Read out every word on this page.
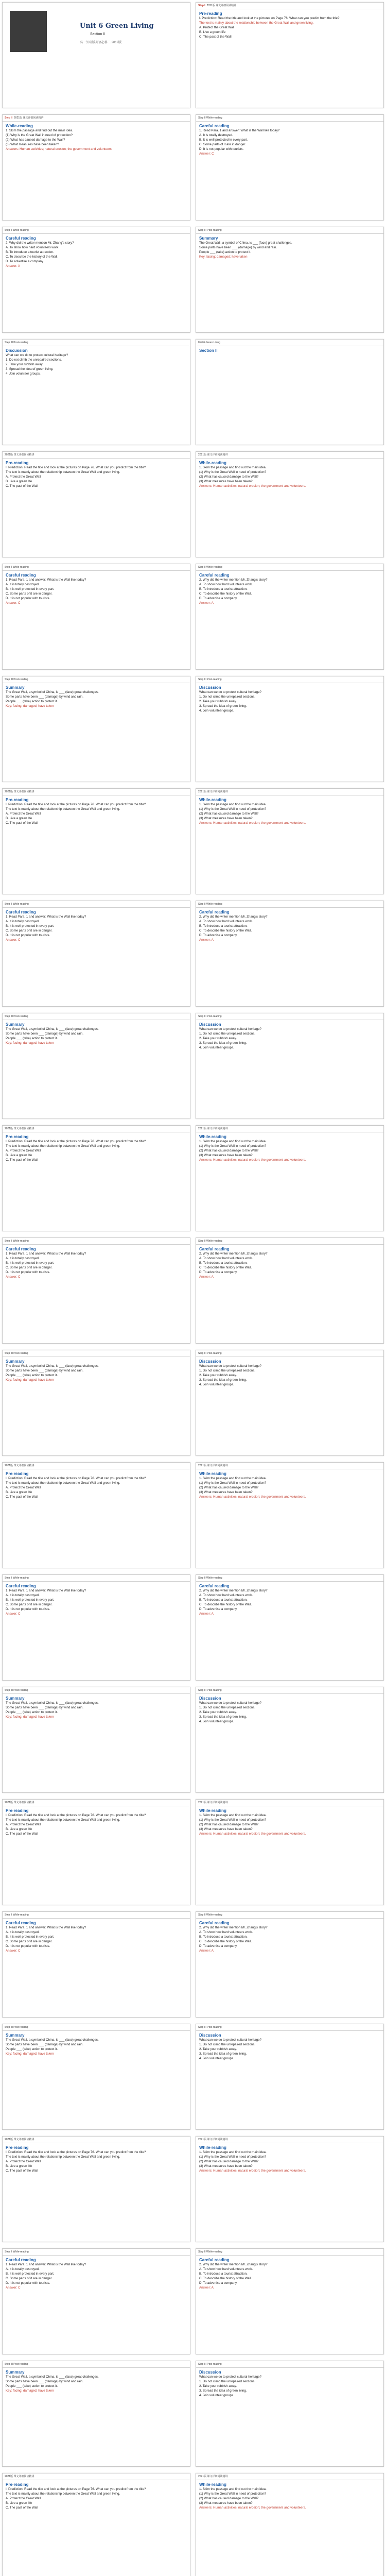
Unit 6 Green Living
Section II
高一外研版英语必修二 2019版
Step I 2021版 课文详细阅读精讲

Pre-reading

I. Prediction: Read the title and look at the pictures on Page 76. What can you predict from the title?

The text is mainly about the relationship between the Great Wall and green living.

A. Protect the Great Wall

B. Live a green life

C. The past of the Wall

Step II 2021版 课文详细阅读精讲

While-reading

1. Skim the passage and find out the main idea.

(1) Why is the Great Wall in need of protection?

(2) What has caused damage to the Wall?

(3) What measures have been taken?

Answers: Human activities; natural erosion; the government and volunteers.

Step II While-reading

Careful reading

1. Read Para. 1 and answer: What is the Wall like today?

A. It is totally destroyed.

B. It is well protected in every part.

C. Some parts of it are in danger.

D. It is not popular with tourists.

Answer: C

Step II While-reading

Careful reading

2. Why did the writer mention Mr. Zhang's story?

A. To show how hard volunteers work.

B. To introduce a tourist attraction.

C. To describe the history of the Wall.

D. To advertise a company.

Answer: A

Step III Post-reading

Summary

The Great Wall, a symbol of China, is ___ (face) great challenges.

Some parts have been ___ (damage) by wind and rain.

People ___ (take) action to protect it.

Key: facing; damaged; have taken

Step III Post-reading

Discussion

What can we do to protect cultural heritage?

1. Do not climb the unrepaired sections.

2. Take your rubbish away.

3. Spread the idea of green living.

4. Join volunteer groups.

Unit 6 Green Living

Section II

2021版 课文详细阅读精讲

Pre-reading

I. Prediction: Read the title and look at the pictures on Page 76. What can you predict from the title?

The text is mainly about the relationship between the Great Wall and green living.

A. Protect the Great Wall

B. Live a green life

C. The past of the Wall

2021版 课文详细阅读精讲

While-reading

1. Skim the passage and find out the main idea.

(1) Why is the Great Wall in need of protection?

(2) What has caused damage to the Wall?

(3) What measures have been taken?

Answers: Human activities; natural erosion; the government and volunteers.

Step II While-reading

Careful reading

1. Read Para. 1 and answer: What is the Wall like today?

A. It is totally destroyed.

B. It is well protected in every part.

C. Some parts of it are in danger.

D. It is not popular with tourists.

Answer: C

Step II While-reading

Careful reading

2. Why did the writer mention Mr. Zhang's story?

A. To show how hard volunteers work.

B. To introduce a tourist attraction.

C. To describe the history of the Wall.

D. To advertise a company.

Answer: A

Step III Post-reading

Summary

The Great Wall, a symbol of China, is ___ (face) great challenges.

Some parts have been ___ (damage) by wind and rain.

People ___ (take) action to protect it.

Key: facing; damaged; have taken

Step III Post-reading

Discussion

What can we do to protect cultural heritage?

1. Do not climb the unrepaired sections.

2. Take your rubbish away.

3. Spread the idea of green living.

4. Join volunteer groups.

2021版 课文详细阅读精讲

Pre-reading

I. Prediction: Read the title and look at the pictures on Page 76. What can you predict from the title?

The text is mainly about the relationship between the Great Wall and green living.

A. Protect the Great Wall

B. Live a green life

C. The past of the Wall

2021版 课文详细阅读精讲

While-reading

1. Skim the passage and find out the main idea.

(1) Why is the Great Wall in need of protection?

(2) What has caused damage to the Wall?

(3) What measures have been taken?

Answers: Human activities; natural erosion; the government and volunteers.

Step II While-reading

Careful reading

1. Read Para. 1 and answer: What is the Wall like today?

A. It is totally destroyed.

B. It is well protected in every part.

C. Some parts of it are in danger.

D. It is not popular with tourists.

Answer: C

Step II While-reading

Careful reading

2. Why did the writer mention Mr. Zhang's story?

A. To show how hard volunteers work.

B. To introduce a tourist attraction.

C. To describe the history of the Wall.

D. To advertise a company.

Answer: A

Step III Post-reading

Summary

The Great Wall, a symbol of China, is ___ (face) great challenges.

Some parts have been ___ (damage) by wind and rain.

People ___ (take) action to protect it.

Key: facing; damaged; have taken

Step III Post-reading

Discussion

What can we do to protect cultural heritage?

1. Do not climb the unrepaired sections.

2. Take your rubbish away.

3. Spread the idea of green living.

4. Join volunteer groups.

2021版 课文详细阅读精讲

Pre-reading

I. Prediction: Read the title and look at the pictures on Page 76. What can you predict from the title?

The text is mainly about the relationship between the Great Wall and green living.

A. Protect the Great Wall

B. Live a green life

C. The past of the Wall

2021版 课文详细阅读精讲

While-reading

1. Skim the passage and find out the main idea.

(1) Why is the Great Wall in need of protection?

(2) What has caused damage to the Wall?

(3) What measures have been taken?

Answers: Human activities; natural erosion; the government and volunteers.

Step II While-reading

Careful reading

1. Read Para. 1 and answer: What is the Wall like today?

A. It is totally destroyed.

B. It is well protected in every part.

C. Some parts of it are in danger.

D. It is not popular with tourists.

Answer: C

Step II While-reading

Careful reading

2. Why did the writer mention Mr. Zhang's story?

A. To show how hard volunteers work.

B. To introduce a tourist attraction.

C. To describe the history of the Wall.

D. To advertise a company.

Answer: A

Step III Post-reading

Summary

The Great Wall, a symbol of China, is ___ (face) great challenges.

Some parts have been ___ (damage) by wind and rain.

People ___ (take) action to protect it.

Key: facing; damaged; have taken

Step III Post-reading

Discussion

What can we do to protect cultural heritage?

1. Do not climb the unrepaired sections.

2. Take your rubbish away.

3. Spread the idea of green living.

4. Join volunteer groups.

2021版 课文详细阅读精讲

Pre-reading

I. Prediction: Read the title and look at the pictures on Page 76. What can you predict from the title?

The text is mainly about the relationship between the Great Wall and green living.

A. Protect the Great Wall

B. Live a green life

C. The past of the Wall

2021版 课文详细阅读精讲

While-reading

1. Skim the passage and find out the main idea.

(1) Why is the Great Wall in need of protection?

(2) What has caused damage to the Wall?

(3) What measures have been taken?

Answers: Human activities; natural erosion; the government and volunteers.

Step II While-reading

Careful reading

1. Read Para. 1 and answer: What is the Wall like today?

A. It is totally destroyed.

B. It is well protected in every part.

C. Some parts of it are in danger.

D. It is not popular with tourists.

Answer: C

Step II While-reading

Careful reading

2. Why did the writer mention Mr. Zhang's story?

A. To show how hard volunteers work.

B. To introduce a tourist attraction.

C. To describe the history of the Wall.

D. To advertise a company.

Answer: A

Step III Post-reading

Summary

The Great Wall, a symbol of China, is ___ (face) great challenges.

Some parts have been ___ (damage) by wind and rain.

People ___ (take) action to protect it.

Key: facing; damaged; have taken

Step III Post-reading

Discussion

What can we do to protect cultural heritage?

1. Do not climb the unrepaired sections.

2. Take your rubbish away.

3. Spread the idea of green living.

4. Join volunteer groups.

2021版 课文详细阅读精讲

Pre-reading

I. Prediction: Read the title and look at the pictures on Page 76. What can you predict from the title?

The text is mainly about the relationship between the Great Wall and green living.

A. Protect the Great Wall

B. Live a green life

C. The past of the Wall

2021版 课文详细阅读精讲

While-reading

1. Skim the passage and find out the main idea.

(1) Why is the Great Wall in need of protection?

(2) What has caused damage to the Wall?

(3) What measures have been taken?

Answers: Human activities; natural erosion; the government and volunteers.

Step II While-reading

Careful reading

1. Read Para. 1 and answer: What is the Wall like today?

A. It is totally destroyed.

B. It is well protected in every part.

C. Some parts of it are in danger.

D. It is not popular with tourists.

Answer: C

Step II While-reading

Careful reading

2. Why did the writer mention Mr. Zhang's story?

A. To show how hard volunteers work.

B. To introduce a tourist attraction.

C. To describe the history of the Wall.

D. To advertise a company.

Answer: A

Step III Post-reading

Summary

The Great Wall, a symbol of China, is ___ (face) great challenges.

Some parts have been ___ (damage) by wind and rain.

People ___ (take) action to protect it.

Key: facing; damaged; have taken

Step III Post-reading

Discussion

What can we do to protect cultural heritage?

1. Do not climb the unrepaired sections.

2. Take your rubbish away.

3. Spread the idea of green living.

4. Join volunteer groups.

2021版 课文详细阅读精讲

Pre-reading

I. Prediction: Read the title and look at the pictures on Page 76. What can you predict from the title?

The text is mainly about the relationship between the Great Wall and green living.

A. Protect the Great Wall

B. Live a green life

C. The past of the Wall

2021版 课文详细阅读精讲

While-reading

1. Skim the passage and find out the main idea.

(1) Why is the Great Wall in need of protection?

(2) What has caused damage to the Wall?

(3) What measures have been taken?

Answers: Human activities; natural erosion; the government and volunteers.

Step II While-reading

Careful reading

1. Read Para. 1 and answer: What is the Wall like today?

A. It is totally destroyed.

B. It is well protected in every part.

C. Some parts of it are in danger.

D. It is not popular with tourists.

Answer: C

Step II While-reading

Careful reading

2. Why did the writer mention Mr. Zhang's story?

A. To show how hard volunteers work.

B. To introduce a tourist attraction.

C. To describe the history of the Wall.

D. To advertise a company.

Answer: A

Step III Post-reading

Summary

The Great Wall, a symbol of China, is ___ (face) great challenges.

Some parts have been ___ (damage) by wind and rain.

People ___ (take) action to protect it.

Key: facing; damaged; have taken

Step III Post-reading

Discussion

What can we do to protect cultural heritage?

1. Do not climb the unrepaired sections.

2. Take your rubbish away.

3. Spread the idea of green living.

4. Join volunteer groups.

2021版 课文详细阅读精讲

Pre-reading

I. Prediction: Read the title and look at the pictures on Page 76. What can you predict from the title?

The text is mainly about the relationship between the Great Wall and green living.

A. Protect the Great Wall

B. Live a green life

C. The past of the Wall

2021版 课文详细阅读精讲

While-reading

1. Skim the passage and find out the main idea.

(1) Why is the Great Wall in need of protection?

(2) What has caused damage to the Wall?

(3) What measures have been taken?

Answers: Human activities; natural erosion; the government and volunteers.
